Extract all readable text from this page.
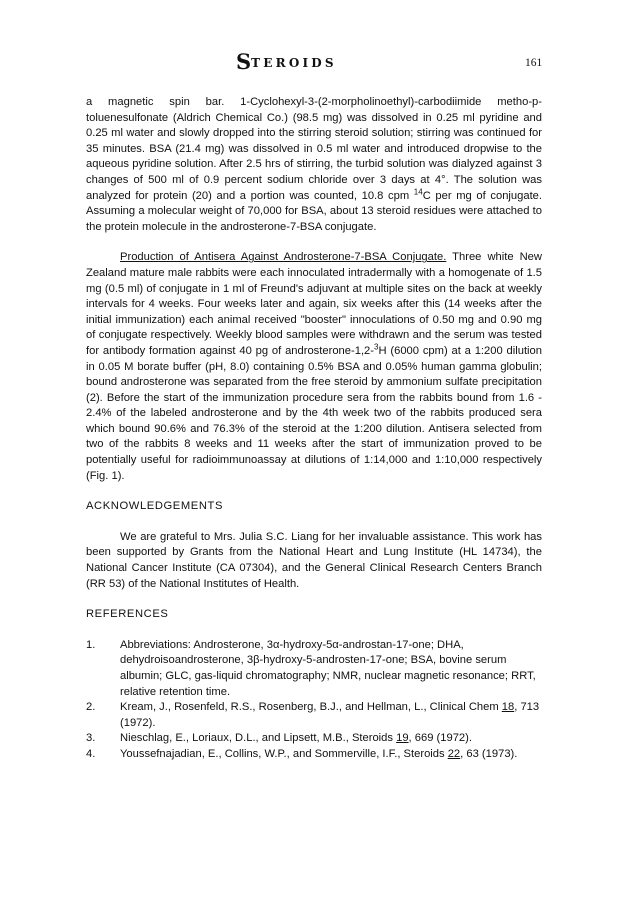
STEROIDS	161

a magnetic spin bar. 1-Cyclohexyl-3-(2-morpholinoethyl)-carbodiimide metho-p-toluenesulfonate (Aldrich Chemical Co.) (98.5 mg) was dissolved in 0.25 ml pyridine and 0.25 ml water and slowly dropped into the stirring steroid solution; stirring was continued for 35 minutes. BSA (21.4 mg) was dissolved in 0.5 ml water and introduced dropwise to the aqueous pyridine solution. After 2.5 hrs of stirring, the turbid solution was dialyzed against 3 changes of 500 ml of 0.9 percent sodium chloride over 3 days at 4°. The solution was analyzed for protein (20) and a portion was counted, 10.8 cpm $^{14}$C per mg of conjugate. Assuming a molecular weight of 70,000 for BSA, about 13 steroid residues were attached to the protein molecule in the androsterone-7-BSA conjugate.

Production of Antisera Against Androsterone-7-BSA Conjugate. Three white New Zealand mature male rabbits were each innoculated intradermally with a homogenate of 1.5 mg (0.5 ml) of conjugate in 1 ml of Freund's adjuvant at multiple sites on the back at weekly intervals for 4 weeks. Four weeks later and again, six weeks after this (14 weeks after the initial immunization) each animal received "booster" innoculations of 0.50 mg and 0.90 mg of conjugate respectively. Weekly blood samples were withdrawn and the serum was tested for antibody formation against 40 pg of androsterone-1,2-$^3$H (6000 cpm) at a 1:200 dilution in 0.05 M borate buffer (pH, 8.0) containing 0.5% BSA and 0.05% human gamma globulin; bound androsterone was separated from the free steroid by ammonium sulfate precipitation (2). Before the start of the immunization procedure sera from the rabbits bound from 1.6 - 2.4% of the labeled androsterone and by the 4th week two of the rabbits produced sera which bound 90.6% and 76.3% of the steroid at the 1:200 dilution. Antisera selected from two of the rabbits 8 weeks and 11 weeks after the start of immunization proved to be potentially useful for radioimmunoassay at dilutions of 1:14,000 and 1:10,000 respectively (Fig. 1).

ACKNOWLEDGEMENTS

We are grateful to Mrs. Julia S.C. Liang for her invaluable assistance. This work has been supported by Grants from the National Heart and Lung Institute (HL 14734), the National Cancer Institute (CA 07304), and the General Clinical Research Centers Branch (RR 53) of the National Institutes of Health.

REFERENCES

1. Abbreviations: Androsterone, 3α-hydroxy-5α-androstan-17-one; DHA, dehydroisoandrosterone, 3β-hydroxy-5-androsten-17-one; BSA, bovine serum albumin; GLC, gas-liquid chromatography; NMR, nuclear magnetic resonance; RRT, relative retention time.
2. Kream, J., Rosenfeld, R.S., Rosenberg, B.J., and Hellman, L., Clinical Chem 18, 713 (1972).
3. Nieschlag, E., Loriaux, D.L., and Lipsett, M.B., Steroids 19, 669 (1972).
4. Youssefnajadian, E., Collins, W.P., and Sommerville, I.F., Steroids 22, 63 (1973).
